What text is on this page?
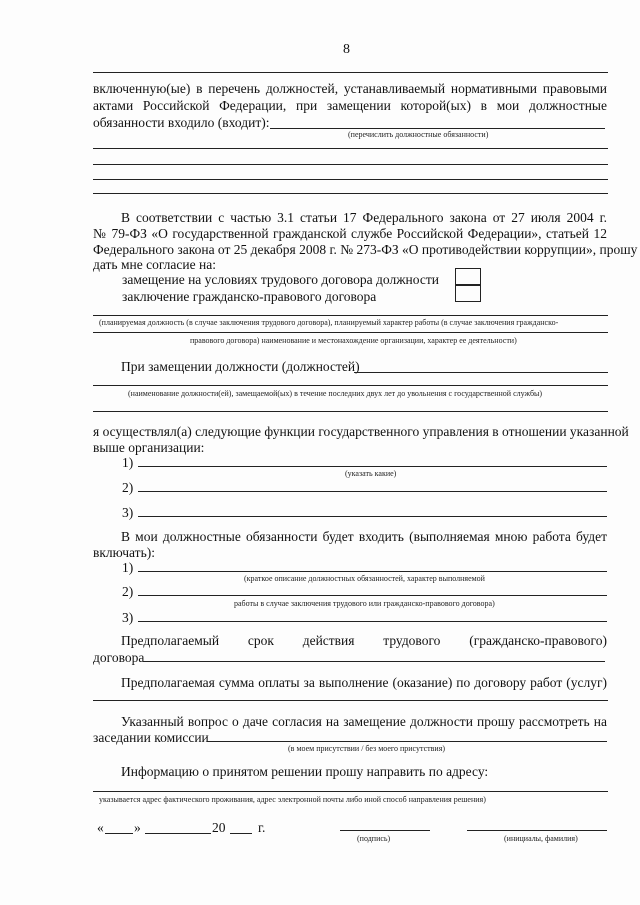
8
включенную(ые) в перечень должностей, устанавливаемый нормативными правовыми
актами Российской Федерации, при замещении которой(ых) в мои должностные
обязанности входило (входит):
(перечислить должностные обязанности)
В соответствии с частью 3.1 статьи 17 Федерального закона от 27 июля 2004 г.
№ 79-ФЗ «О государственной гражданской службе Российской Федерации», статьей 12
Федерального закона от 25 декабря 2008 г. № 273-ФЗ «О противодействии коррупции», прошу
дать мне согласие на:
замещение на условиях трудового договора должности
заключение гражданско-правового договора
(планируемая должность (в случае заключения трудового договора), планируемый характер работы (в случае заключения гражданско-
правового договора) наименование и местонахождение организации, характер ее деятельности)
При замещении должности (должностей)
(наименование должности(ей), замещаемой(ых) в течение последних двух лет до увольнения с государственной службы)
я осуществлял(а) следующие функции государственного управления в отношении указанной
выше организации:
1)
(указать какие)
2)
3)
В мои должностные обязанности будет входить (выполняемая мною работа будет
включать):
1)
(краткое описание должностных обязанностей, характер выполняемой
2)
работы в случае заключения трудового или гражданско-правового договора)
3)
Предполагаемый срок действия трудового (гражданско-правового)
договора
Предполагаемая сумма оплаты за выполнение (оказание) по договору работ (услуг)
Указанный вопрос о даче согласия на замещение должности прошу рассмотреть на
заседании комиссии
(в моем присутствии / без моего присутствия)
Информацию о принятом решении прошу направить по адресу:
указывается адрес фактического проживания, адрес электронной почты либо иной способ направления решения)
« »	20 г.
(подпись)	(инициалы, фамилия)
